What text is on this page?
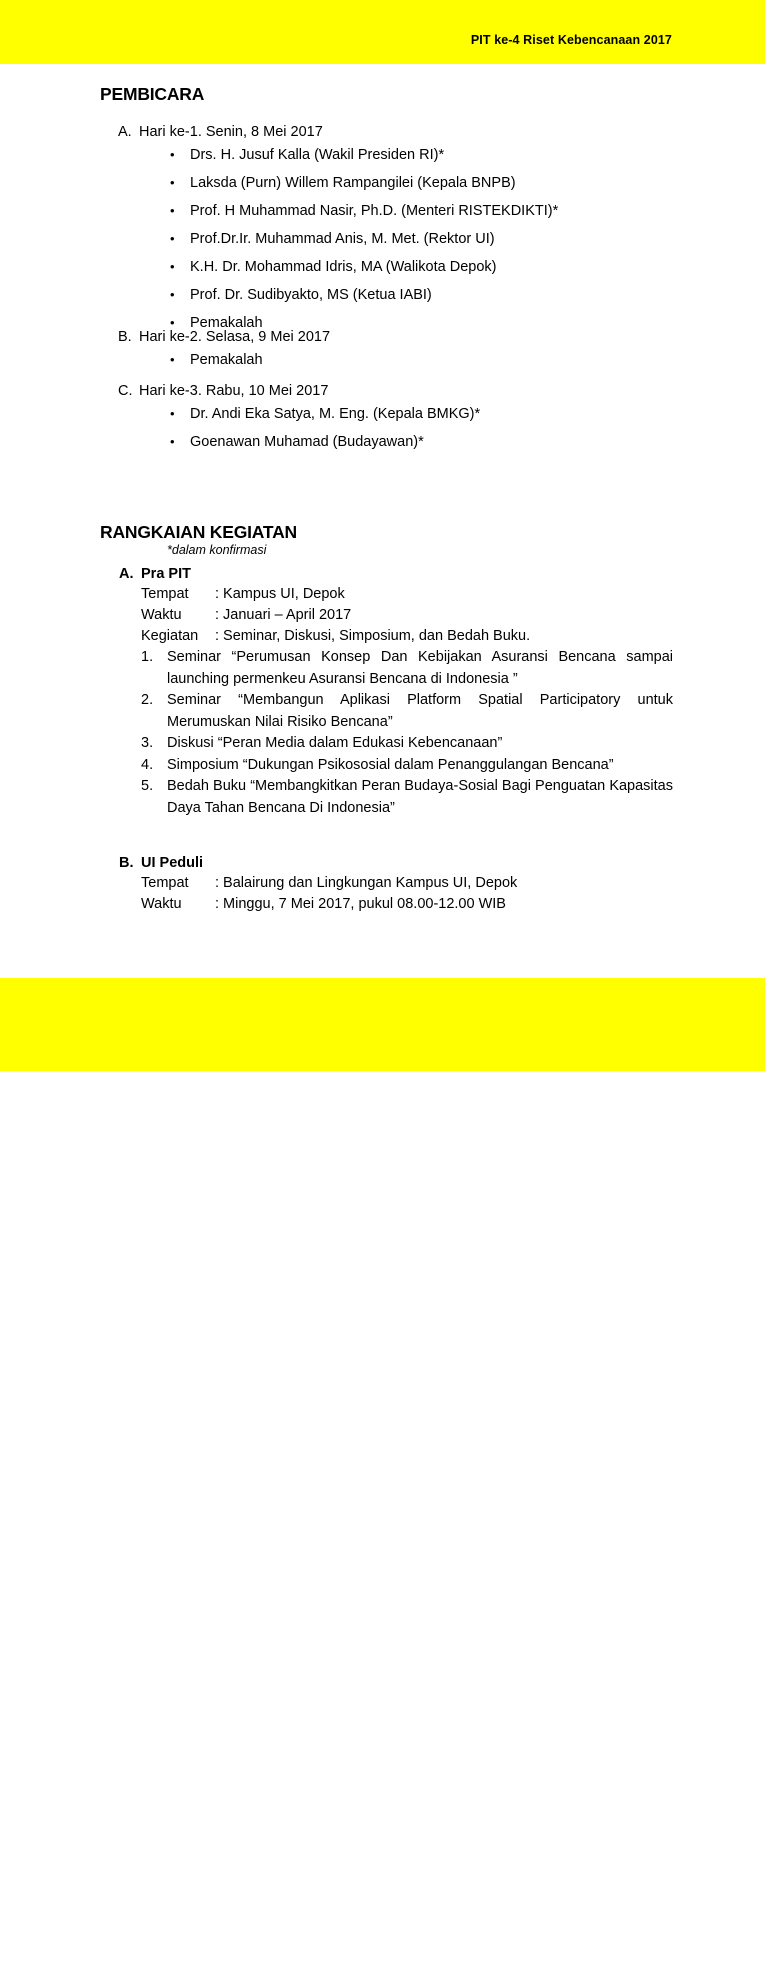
PIT ke-4 Riset Kebencanaan 2017
PEMBICARA
A. Hari ke-1. Senin, 8 Mei 2017
• Drs. H. Jusuf Kalla (Wakil Presiden RI)*
• Laksda (Purn) Willem Rampangilei (Kepala BNPB)
• Prof. H Muhammad Nasir, Ph.D. (Menteri RISTEKDIKTI)*
• Prof.Dr.Ir. Muhammad Anis, M. Met. (Rektor UI)
• K.H. Dr. Mohammad Idris, MA (Walikota Depok)
• Prof. Dr. Sudibyakto, MS (Ketua IABI)
• Pemakalah
B. Hari ke-2. Selasa, 9 Mei 2017
• Pemakalah
C. Hari ke-3. Rabu, 10 Mei 2017
• Dr. Andi Eka Satya, M. Eng. (Kepala BMKG)*
• Goenawan Muhamad (Budayawan)*
*dalam konfirmasi
RANGKAIAN KEGIATAN
A. Pra PIT
Tempat : Kampus UI, Depok
Waktu : Januari – April 2017
Kegiatan : Seminar, Diskusi, Simposium, dan Bedah Buku.
1. Seminar “Perumusan Konsep Dan Kebijakan Asuransi Bencana sampai launching permenkeu Asuransi Bencana di Indonesia ”
2. Seminar “Membangun Aplikasi Platform Spatial Participatory untuk Merumuskan Nilai Risiko Bencana”
3. Diskusi “Peran Media dalam Edukasi Kebencanaan”
4. Simposium “Dukungan Psikososial dalam Penanggulangan Bencana”
5. Bedah Buku “Membangkitkan Peran Budaya-Sosial Bagi Penguatan Kapasitas Daya Tahan Bencana Di Indonesia”
B. UI Peduli
Tempat : Balairung dan Lingkungan Kampus UI, Depok
Waktu : Minggu, 7 Mei 2017, pukul 08.00-12.00 WIB
4
